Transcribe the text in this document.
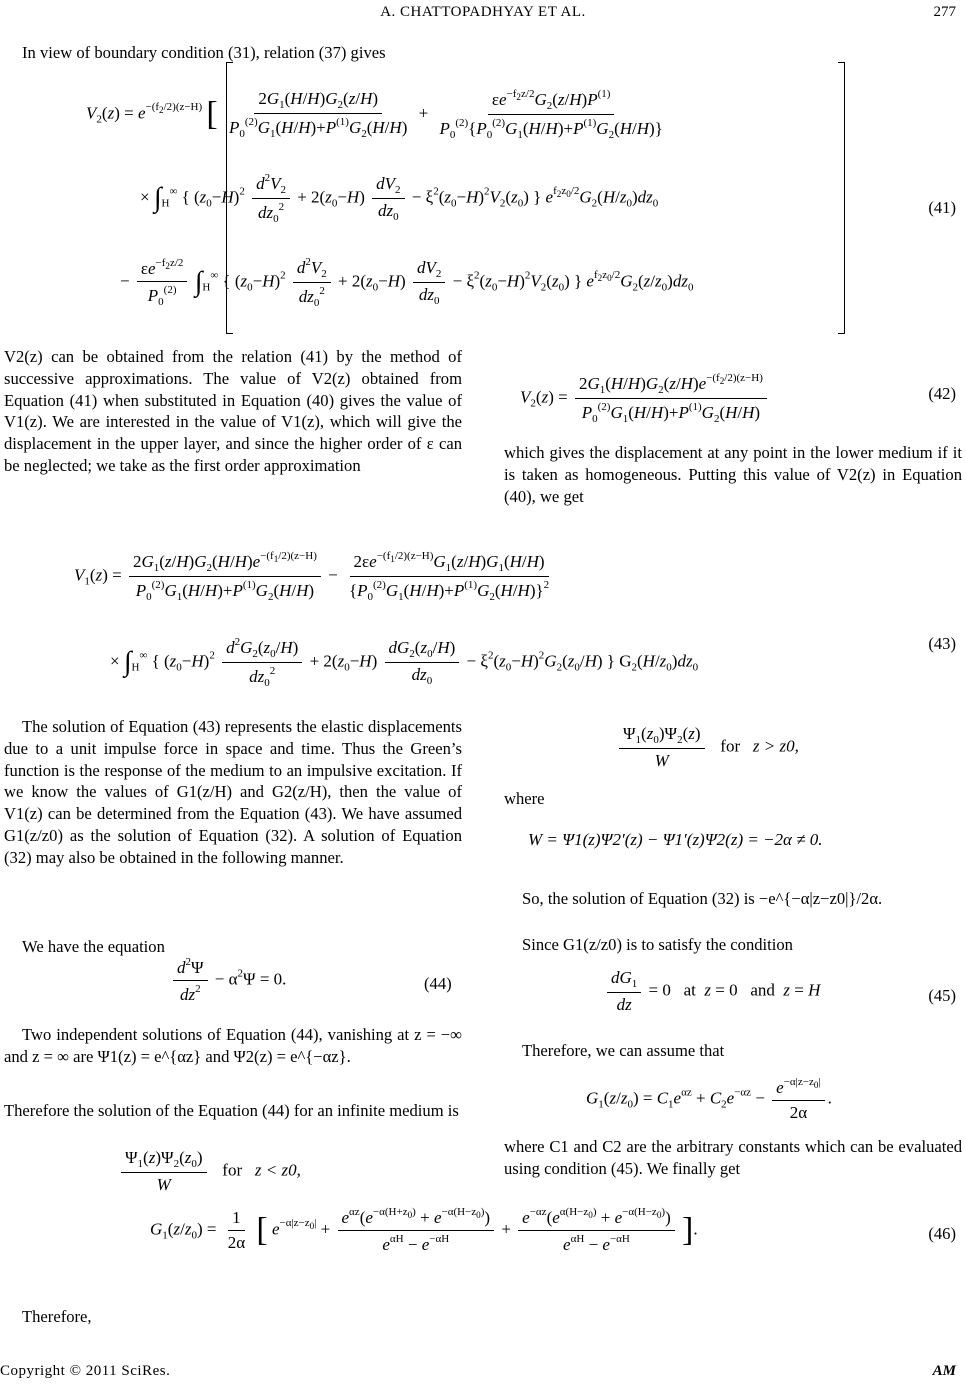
A. CHATTOPADHYAY ET AL.	277
In view of boundary condition (31), relation (37) gives
$V_2(z) = e^{-(f_2/2)(z-H)}$ [ $\frac{2G_1(H/H)G_2(z/H)}{P_0^{(2)}G_1(H/H)+P^{(1)}G_2(H/H)} + \frac{\varepsilon e^{-f_2z/2}G_2(z/H)P^{(1)}}{P_0^{(2)}\{P_0^{(2)}G_1(H/H)+P^{(1)}G_2(H/H)\}}$
× $\int_H^\infty$ { $(z_0-H)^2 \frac{d^2V_2}{dz_0^2} + 2(z_0-H) \frac{dV_2}{dz_0} - \xi^2(z_0-H)^2V_2(z_0)$ } $e^{f_2z_0/2}G_2(H/z_0)dz_0$
− $\frac{\varepsilon e^{-f_2z/2}}{P_0^{(2)}} \int_H^\infty$ { $(z_0-H)^2 \frac{d^2V_2}{dz_0^2} + 2(z_0-H) \frac{dV_2}{dz_0} - \xi^2(z_0-H)^2V_2(z_0)$ } $e^{f_2z_0/2}G_2(z/z_0)dz_0$
(41)
V2(z) can be obtained from the relation (41) by the method of successive approximations. The value of V2(z) obtained from Equation (41) when substituted in Equation (40) gives the value of V1(z). We are interested in the value of V1(z), which will give the displacement in the upper layer, and since the higher order of ε can be neglected; we take as the first order approximation
$V_2(z) = \frac{2G_1(H/H)G_2(z/H)e^{-(f_2/2)(z-H)}}{P_0^{(2)}G_1(H/H)+P^{(1)}G_2(H/H)}$	(42)
which gives the displacement at any point in the lower medium if it is taken as homogeneous. Putting this value of V2(z) in Equation (40), we get
$V_1(z) = \frac{2G_1(z/H)G_2(H/H)e^{-(f_1/2)(z-H)}}{P_0^{(2)}G_1(H/H)+P^{(1)}G_2(H/H)} - \frac{2\varepsilon e^{-(f_1/2)(z-H)}G_1(z/H)G_1(H/H)}{\{P_0^{(2)}G_1(H/H)+P^{(1)}G_2(H/H)\}^2}$
× $\int_H^\infty$ { $(z_0-H)^2 \frac{d^2G_2(z_0/H)}{dz_0^2} + 2(z_0-H) \frac{dG_2(z_0/H)}{dz_0} - \xi^2(z_0-H)^2G_2(z_0/H)$ } $G_2(H/z_0)dz_0$
(43)
The solution of Equation (43) represents the elastic displacements due to a unit impulse force in space and time. Thus the Green’s function is the response of the medium to an impulsive excitation. If we know the values of G1(z/H) and G2(z/H), then the value of V1(z) can be determined from the Equation (43). We have assumed G1(z/z0) as the solution of Equation (32). A solution of Equation (32) may also be obtained in the following manner.
We have the equation
$\frac{d^2\Psi}{dz^2} - \alpha^2\Psi = 0$.	(44)
Two independent solutions of Equation (44), vanishing at z = −∞ and z = ∞ are Ψ1(z) = e^{αz} and Ψ2(z) = e^{−αz}.
Therefore the solution of the Equation (44) for an infinite medium is
$\frac{\Psi_1(z)\Psi_2(z_0)}{W}$ for z < z0,
$\frac{\Psi_1(z_0)\Psi_2(z)}{W}$ for z > z0,
where
W = Ψ1(z)Ψ2′(z) − Ψ1′(z)Ψ2(z) = −2α ≠ 0.
So, the solution of Equation (32) is −e^{−α|z−z0|}/2α.
Since G1(z/z0) is to satisfy the condition
$\frac{dG_1}{dz} = 0$   at z = 0   and z = H	(45)
Therefore, we can assume that
$G_1(z/z_0) = C_1e^{\alpha z} + C_2e^{-\alpha z} - \frac{e^{-\alpha|z-z_0|}}{2\alpha}$ .
where C1 and C2 are the arbitrary constants which can be evaluated using condition (45). We finally get
$G_1(z/z_0) = \frac{1}{2\alpha}$ [ $e^{-\alpha|z-z_0|} + \frac{e^{\alpha z}(e^{-\alpha(H+z_0)} + e^{-\alpha(H-z_0)})}{e^{\alpha H} - e^{-\alpha H}} + \frac{e^{-\alpha z}(e^{\alpha(H-z_0)} + e^{-\alpha(H-z_0)})}{e^{\alpha H} - e^{-\alpha H}}$ ].	(46)
Therefore,
Copyright © 2011 SciRes.	AM
